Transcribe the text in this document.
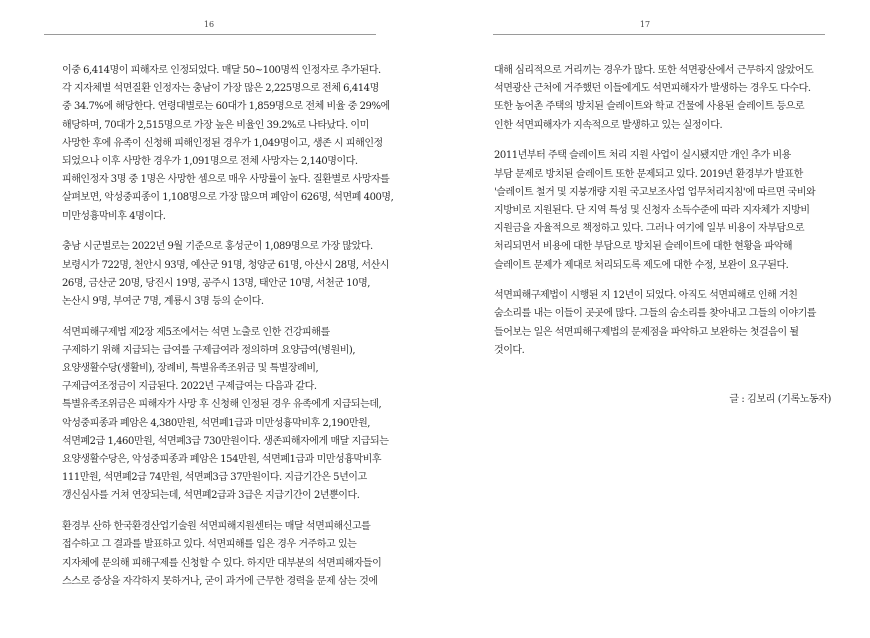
16

이중 6,414명이 피해자로 인정되었다. 매달 50~100명씩 인정자로 추가된다.
각 지자체별 석면질환 인정자는 충남이 가장 많은 2,225명으로 전체 6,414명
중 34.7%에 해당한다. 연령대별로는 60대가 1,859명으로 전체 비율 중 29%에
해당하며, 70대가 2,515명으로 가장 높은 비율인 39.2%로 나타났다. 이미
사망한 후에 유족이 신청해 피해인정된 경우가 1,049명이고, 생존 시 피해인정
되었으나 이후 사망한 경우가 1,091명으로 전체 사망자는 2,140명이다.
피해인정자 3명 중 1명은 사망한 셈으로 매우 사망률이 높다. 질환별로 사망자를
살펴보면, 악성중피종이 1,108명으로 가장 많으며 폐암이 626명, 석면폐 400명,
미만성흉막비후 4명이다.

충남 시군별로는 2022년 9월 기준으로 홍성군이 1,089명으로 가장 많았다.
보령시가 722명, 천안시 93명, 예산군 91명, 청양군 61명, 아산시 28명, 서산시
26명, 금산군 20명, 당진시 19명, 공주시 13명, 태안군 10명, 서천군 10명,
논산시 9명, 부여군 7명, 계룡시 3명 등의 순이다.

석면피해구제법 제2장 제5조에서는 석면 노출로 인한 건강피해를
구제하기 위해 지급되는 급여를 구제급여라 정의하며 요양급여(병원비),
요양생활수당(생활비), 장례비, 특별유족조위금 및 특별장례비,
구제급여조정금이 지급된다. 2022년 구제급여는 다음과 같다.
특별유족조위금은 피해자가 사망 후 신청해 인정된 경우 유족에게 지급되는데,
악성중피종과 폐암은 4,380만원, 석면폐1급과 미만성흉막비후 2,190만원,
석면폐2급 1,460만원, 석면폐3급 730만원이다. 생존피해자에게 매달 지급되는
요양생활수당은, 악성중피종과 폐암은 154만원, 석면폐1급과 미만성흉막비후
111만원, 석면폐2급 74만원, 석면폐3급 37만원이다. 지급기간은 5년이고
갱신심사를 거쳐 연장되는데, 석면폐2급과 3급은 지급기간이 2년뿐이다.

환경부 산하 한국환경산업기술원 석면피해지원센터는 매달 석면피해신고를
접수하고 그 결과를 발표하고 있다. 석면피해를 입은 경우 거주하고 있는
지자체에 문의해 피해구제를 신청할 수 있다. 하지만 대부분의 석면피해자들이
스스로 증상을 자각하지 못하거나, 굳이 과거에 근무한 경력을 문제 삼는 것에

17

대해 심리적으로 거리끼는 경우가 많다. 또한 석면광산에서 근무하지 않았어도
석면광산 근처에 거주했던 이들에게도 석면피해자가 발생하는 경우도 다수다.
또한 농어촌 주택의 방치된 슬레이트와 학교 건물에 사용된 슬레이트 등으로
인한 석면피해자가 지속적으로 발생하고 있는 실정이다.

2011년부터 주택 슬레이트 처리 지원 사업이 실시됐지만 개인 추가 비용
부담 문제로 방치된 슬레이트 또한 문제되고 있다. 2019년 환경부가 발표한
'슬레이트 철거 및 지붕개량 지원 국고보조사업 업무처리지침'에 따르면 국비와
지방비로 지원된다. 단 지역 특성 및 신청자 소득수준에 따라 지자체가 지방비
지원금을 자율적으로 책정하고 있다. 그러나 여기에 일부 비용이 자부담으로
처리되면서 비용에 대한 부담으로 방치된 슬레이트에 대한 현황을 파악해
슬레이트 문제가 제대로 처리되도록 제도에 대한 수정, 보완이 요구된다.

석면피해구제법이 시행된 지 12년이 되었다. 아직도 석면피해로 인해 거친
숨소리를 내는 이들이 곳곳에 많다. 그들의 숨소리를 찾아내고 그들의 이야기를
들어보는 일은 석면피해구제법의 문제점을 파악하고 보완하는 첫걸음이 될
것이다.

글 : 김보리 (기록노동자)
